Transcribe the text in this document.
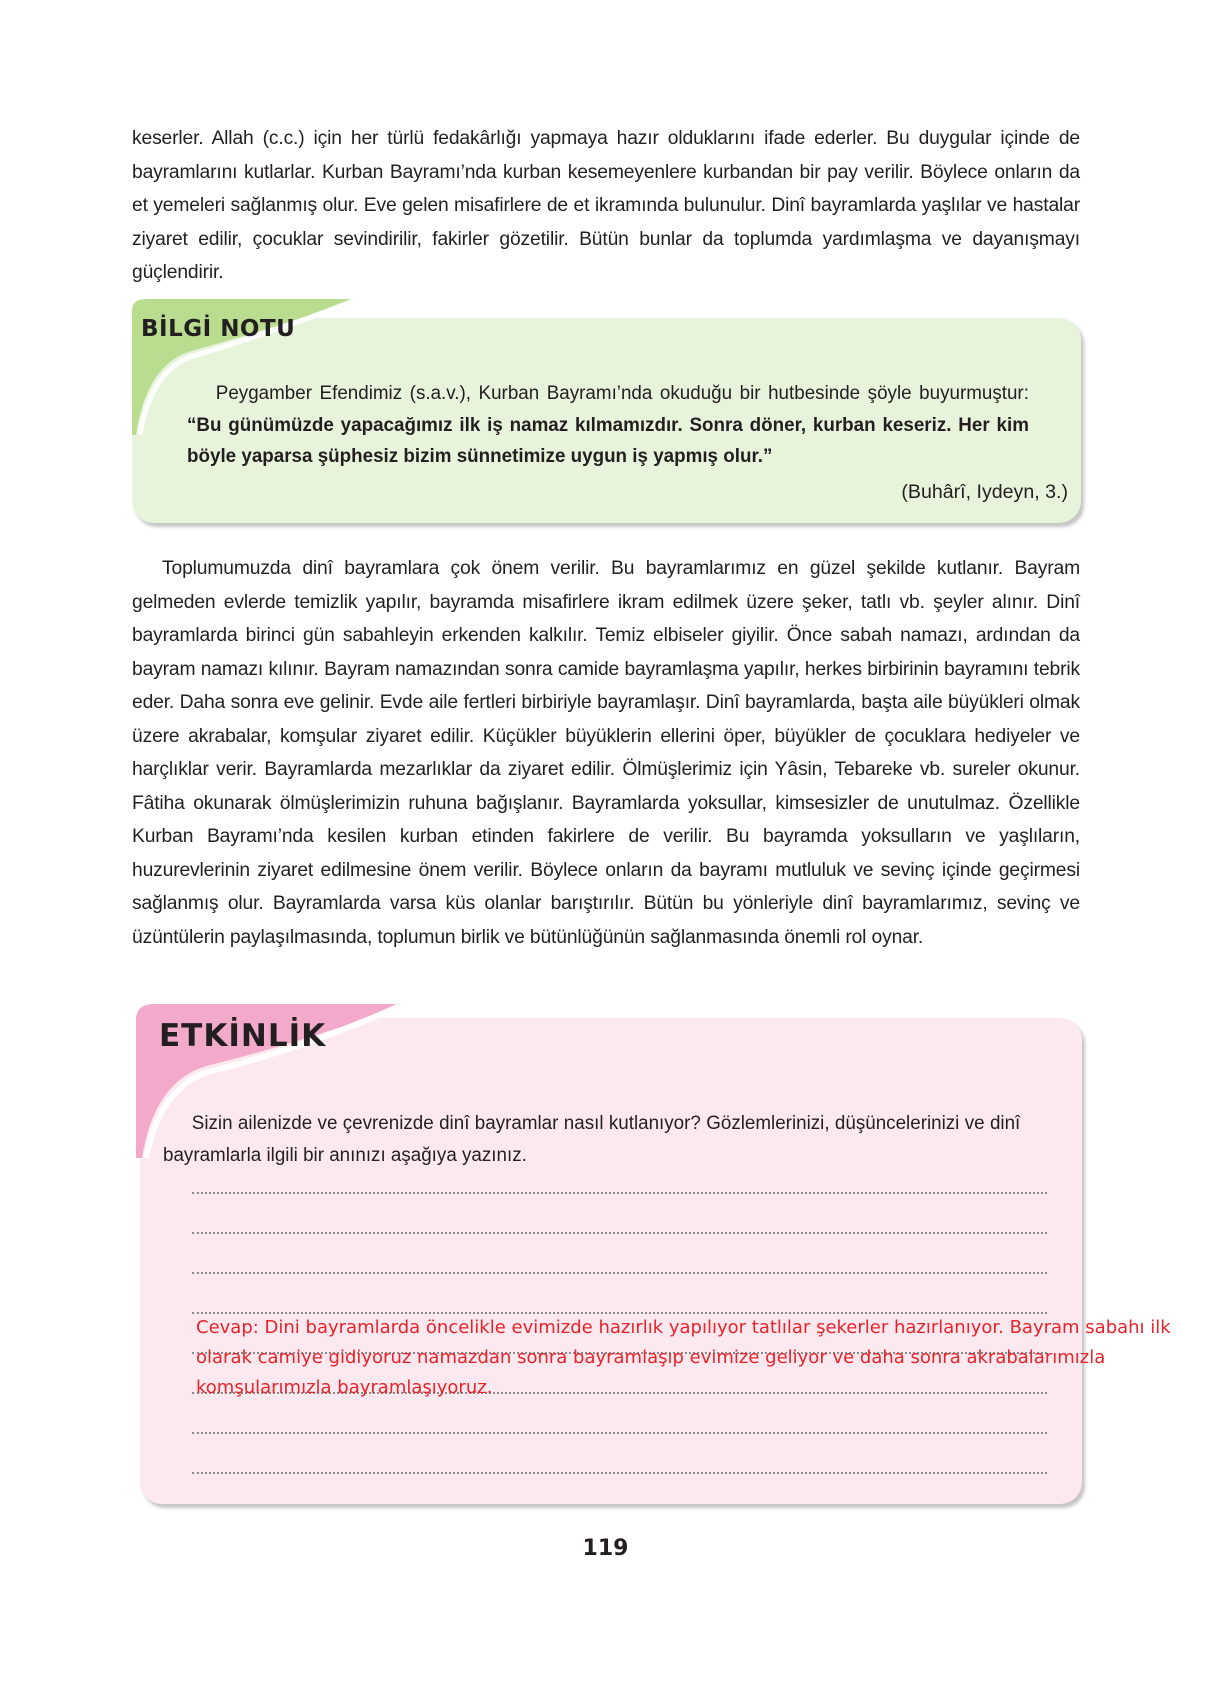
keserler. Allah (c.c.) için her türlü fedakârlığı yapmaya hazır olduklarını ifade ederler. Bu duygular içinde de bayramlarını kutlarlar. Kurban Bayramı’nda kurban kesemeyenlere kurbandan bir pay verilir. Böylece onların da et yemeleri sağlanmış olur. Eve gelen misafirlere de et ikramında bulunulur. Dinî bayramlarda yaşlılar ve hastalar ziyaret edilir, çocuklar sevindirilir, fakirler gözetilir. Bütün bunlar da toplumda yardımlaşma ve dayanışmayı güçlendirir.

BİLGİ NOTU

Peygamber Efendimiz (s.a.v.), Kurban Bayramı’nda okuduğu bir hutbesinde şöyle buyurmuştur: “Bu günümüzde yapacağımız ilk iş namaz kılmamızdır. Sonra döner, kurban keseriz. Her kim böyle yaparsa şüphesiz bizim sünnetimize uygun iş yapmış olur.”

(Buhârî, Iydeyn, 3.)

Toplumumuzda dinî bayramlara çok önem verilir. Bu bayramlarımız en güzel şekilde kutlanır. Bayram gelmeden evlerde temizlik yapılır, bayramda misafirlere ikram edilmek üzere şeker, tatlı vb. şeyler alınır. Dinî bayramlarda birinci gün sabahleyin erkenden kalkılır. Temiz elbiseler giyilir. Önce sabah namazı, ardından da bayram namazı kılınır. Bayram namazından sonra camide bayramlaşma yapılır, herkes birbirinin bayramını tebrik eder. Daha sonra eve gelinir. Evde aile fertleri birbiriyle bayramlaşır. Dinî bayramlarda, başta aile büyükleri olmak üzere akrabalar, komşular ziyaret edilir. Küçükler büyüklerin ellerini öper, büyükler de çocuklara hediyeler ve harçlıklar verir. Bayramlarda mezarlıklar da ziyaret edilir. Ölmüşlerimiz için Yâsin, Tebareke vb. sureler okunur. Fâtiha okunarak ölmüşlerimizin ruhuna bağışlanır. Bayramlarda yoksullar, kimsesizler de unutulmaz. Özellikle Kurban Bayramı’nda kesilen kurban etinden fakirlere de verilir. Bu bayramda yoksulların ve yaşlıların, huzurevlerinin ziyaret edilmesine önem verilir. Böylece onların da bayramı mutluluk ve sevinç içinde geçirmesi sağlanmış olur. Bayramlarda varsa küs olanlar barıştırılır. Bütün bu yönleriyle dinî bayramlarımız, sevinç ve üzüntülerin paylaşılmasında, toplumun birlik ve bütünlüğünün sağlanmasında önemli rol oynar.

ETKİNLİK

Sizin ailenizde ve çevrenizde dinî bayramlar nasıl kutlanıyor? Gözlemlerinizi, düşüncelerinizi ve dinî bayramlarla ilgili bir anınızı aşağıya yazınız.

Cevap: Dini bayramlarda öncelikle evimizde hazırlık yapılıyor tatlılar şekerler hazırlanıyor. Bayram sabahı ilk olarak camiye gidiyoruz namazdan sonra bayramlaşıp evimize geliyor ve daha sonra akrabalarımızla komşularımızla bayramlaşıyoruz.

119
